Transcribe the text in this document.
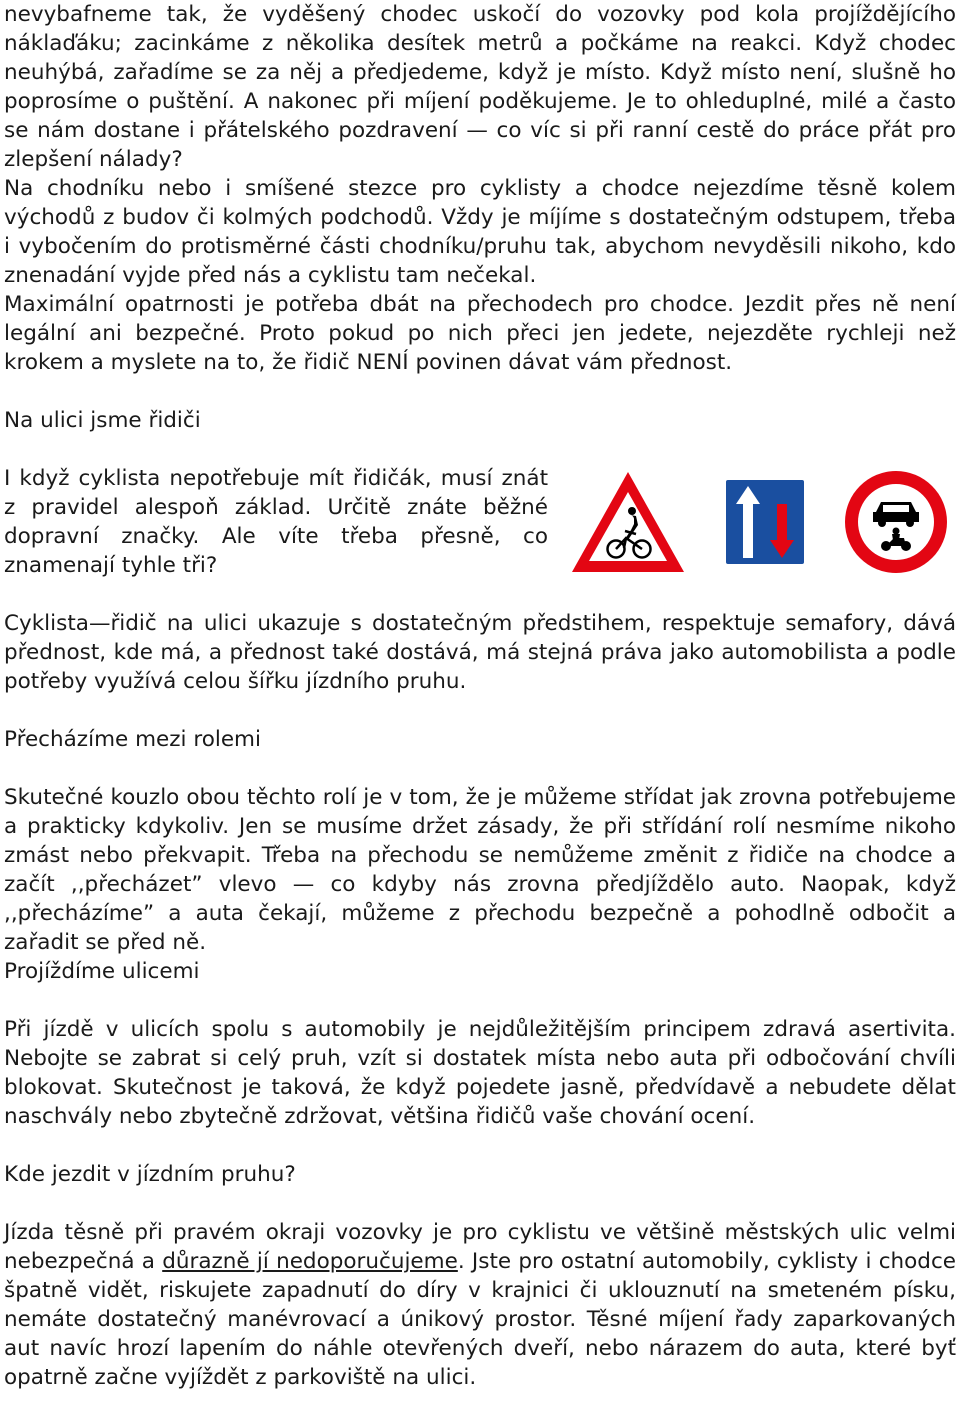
nevybafneme tak, že vyděšený chodec uskočí do vozovky pod kola projíždějícího náklaďáku; zacinkáme z několika desítek metrů a počkáme na reakci. Když chodec neuhýbá, zařadíme se za něj a předjedeme, když je místo. Když místo není, slušně ho poprosíme o puštění. A nakonec při míjení poděkujeme. Je to ohleduplné, milé a často se nám dostane i přátelského pozdravení — co víc si při ranní cestě do práce přát pro zlepšení nálady?

Na chodníku nebo i smíšené stezce pro cyklisty a chodce nejezdíme těsně kolem východů z budov či kolmých podchodů. Vždy je míjíme s dostatečným odstupem, třeba i vybočením do protisměrné části chodníku/pruhu tak, abychom nevyděsili nikoho, kdo znenadání vyjde před nás a cyklistu tam nečekal.

Maximální opatrnosti je potřeba dbát na přechodech pro chodce. Jezdit přes ně není legální ani bezpečné. Proto pokud po nich přeci jen jedete, nejezděte rychleji než krokem a myslete na to, že řidič NENÍ povinen dávat vám přednost.

Na ulici jsme řidiči

I když cyklista nepotřebuje mít řidičák, musí znát z pravidel alespoň základ. Určitě znáte běžné dopravní značky. Ale víte třeba přesně, co znamenají tyhle tři?

Cyklista—řidič na ulici ukazuje s dostatečným předstihem, respektuje semafory, dává přednost, kde má, a přednost také dostává, má stejná práva jako automobilista a podle potřeby využívá celou šířku jízdního pruhu.

Přecházíme mezi rolemi

Skutečné kouzlo obou těchto rolí je v tom, že je můžeme střídat jak zrovna potřebujeme a prakticky kdykoliv. Jen se musíme držet zásady, že při střídání rolí nesmíme nikoho zmást nebo překvapit. Třeba na přechodu se nemůžeme změnit z řidiče na chodce a začít ,,přecházet” vlevo — co kdyby nás zrovna předjíždělo auto. Naopak, když ,,přecházíme” a auta čekají, můžeme z přechodu bezpečně a pohodlně odbočit a zařadit se před ně.

Projíždíme ulicemi

Při jízdě v ulicích spolu s automobily je nejdůležitějším principem zdravá asertivita. Nebojte se zabrat si celý pruh, vzít si dostatek místa nebo auta při odbočování chvíli blokovat. Skutečnost je taková, že když pojedete jasně, předvídavě a nebudete dělat naschvály nebo zbytečně zdržovat, většina řidičů vaše chování ocení.

Kde jezdit v jízdním pruhu?

Jízda těsně při pravém okraji vozovky je pro cyklistu ve většině městských ulic velmi nebezpečná a důrazně jí nedoporučujeme. Jste pro ostatní automobily, cyklisty i chodce špatně vidět, riskujete zapadnutí do díry v krajnici či uklouznutí na smeteném písku, nemáte dostatečný manévrovací a únikový prostor. Těsné míjení řady zaparkovaných aut navíc hrozí lapením do náhle otevřených dveří, nebo nárazem do auta, které byť opatrně začne vyjíždět z parkoviště na ulici.
